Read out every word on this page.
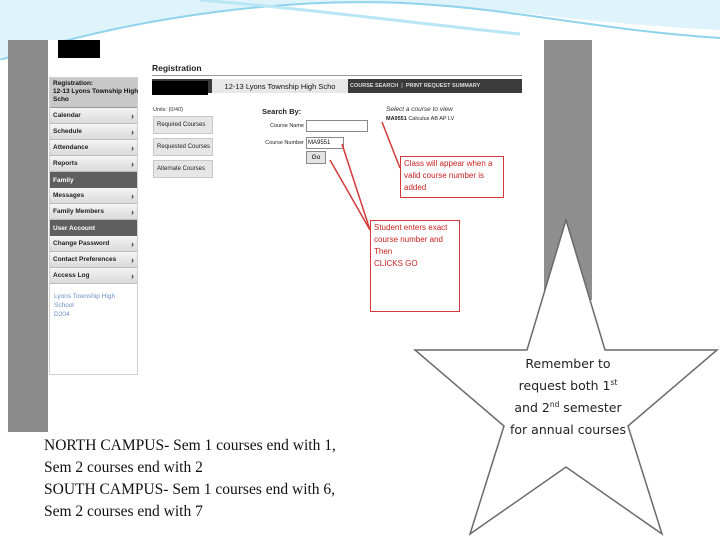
Registration:
12-13 Lyons Township High
Scho
Calendar	›
Schedule	›
Attendance	›
Reports	›
Family
Messages	›
Family Members	›
User Account
Change Password ›
Contact Preferences ›
Access Log	›
Lyons Township High School
D204
Registration
12-13 Lyons Township High Scho	COURSE SEARCH | PRINT REQUEST SUMMARY
Units: (0/40)
Required Courses
Requested Courses
Alternate Courses
Search By:
Course Name
Course Number MA9551
Go
Select a course to view
MA9551 Calculus AB AP LV
Class will appear when a
valid course number is
added
Student enters exact
course number and
Then
CLICKS GO
Remember to
request both 1st
and 2nd semester
for annual courses
NORTH CAMPUS- Sem 1 courses end with 1,
Sem 2 courses end with 2
SOUTH CAMPUS- Sem 1 courses end with 6,
Sem 2 courses end with 7
